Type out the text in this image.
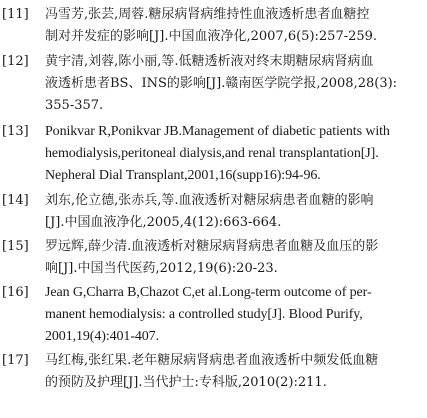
[11]	冯雪芳,张芸,周蓉.糖尿病肾病维持性血液透析患者血糖控
制对并发症的影响[J].中国血液净化,2007,6(5):257-259.
[12]	黄宇清,刘蓉,陈小丽,等.低糖透析液对终末期糖尿病肾病血
液透析患者BS、INS的影响[J].赣南医学院学报,2008,28(3):
355-357.
[13]	Ponikvar R,Ponikvar JB.Management of diabetic patients with
hemodialysis,peritoneal dialysis,and renal transplantation[J].
Nepheral Dial Transplant,2001,16(supp16):94-96.
[14]	刘东,伦立德,张赤兵,等.血液透析对糖尿病患者血糖的影响
[J].中国血液净化,2005,4(12):663-664.
[15]	罗远辉,薛少清.血液透析对糖尿病肾病患者血糖及血压的影
响[J].中国当代医药,2012,19(6):20-23.
[16]	Jean G,Charra B,Chazot C,et al.Long-term outcome of per-
manent hemodialysis: a controlled study[J]. Blood Purify,
2001,19(4):401-407.
[17]	马红梅,张红果.老年糖尿病肾病患者血液透析中频发低血糖
的预防及护理[J].当代护士:专科版,2010(2):211.
